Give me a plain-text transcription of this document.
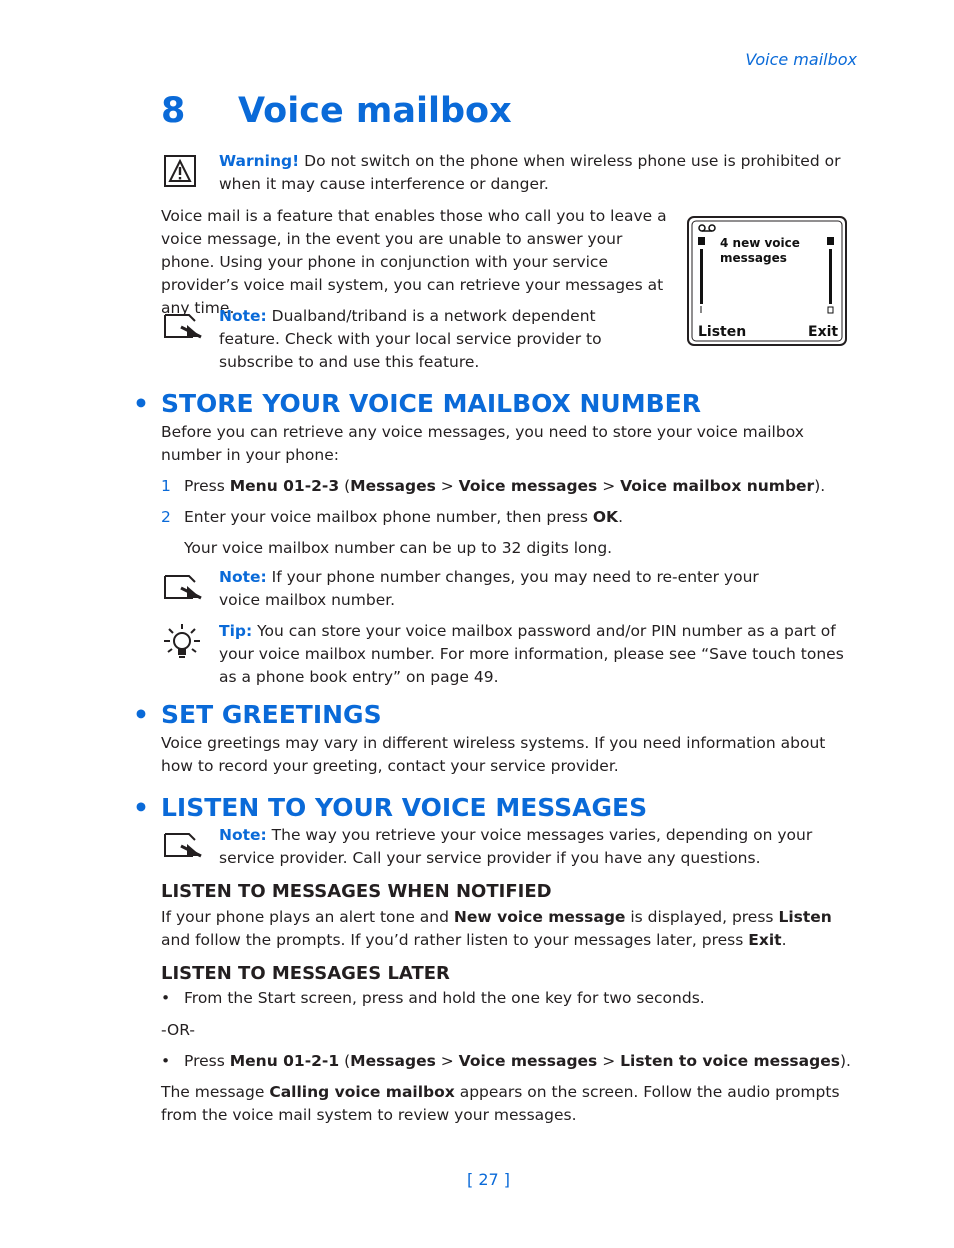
Voice mailbox
8 Voice mailbox
Warning! Do not switch on the phone when wireless phone use is prohibited or when it may cause interference or danger.
Voice mail is a feature that enables those who call you to leave a voice message, in the event you are unable to answer your phone. Using your phone in conjunction with your service provider’s voice mail system, you can retrieve your messages at any time.
Note: Dualband/triband is a network dependent feature. Check with your local service provider to subscribe to and use this feature.
4 new voice
messages
Listen	Exit
• STORE YOUR VOICE MAILBOX NUMBER
Before you can retrieve any voice messages, you need to store your voice mailbox number in your phone:
1 Press Menu 01-2-3 (Messages > Voice messages > Voice mailbox number).
2 Enter your voice mailbox phone number, then press OK.
Your voice mailbox number can be up to 32 digits long.
Note: If your phone number changes, you may need to re-enter your voice mailbox number.
Tip: You can store your voice mailbox password and/or PIN number as a part of your voice mailbox number. For more information, please see “Save touch tones as a phone book entry” on page 49.
• SET GREETINGS
Voice greetings may vary in different wireless systems. If you need information about how to record your greeting, contact your service provider.
• LISTEN TO YOUR VOICE MESSAGES
Note: The way you retrieve your voice messages varies, depending on your service provider. Call your service provider if you have any questions.
LISTEN TO MESSAGES WHEN NOTIFIED
If your phone plays an alert tone and New voice message is displayed, press Listen and follow the prompts. If you’d rather listen to your messages later, press Exit.
LISTEN TO MESSAGES LATER
• From the Start screen, press and hold the one key for two seconds.
-OR-
• Press Menu 01-2-1 (Messages > Voice messages > Listen to voice messages).
The message Calling voice mailbox appears on the screen. Follow the audio prompts from the voice mail system to review your messages.
[ 27 ]
